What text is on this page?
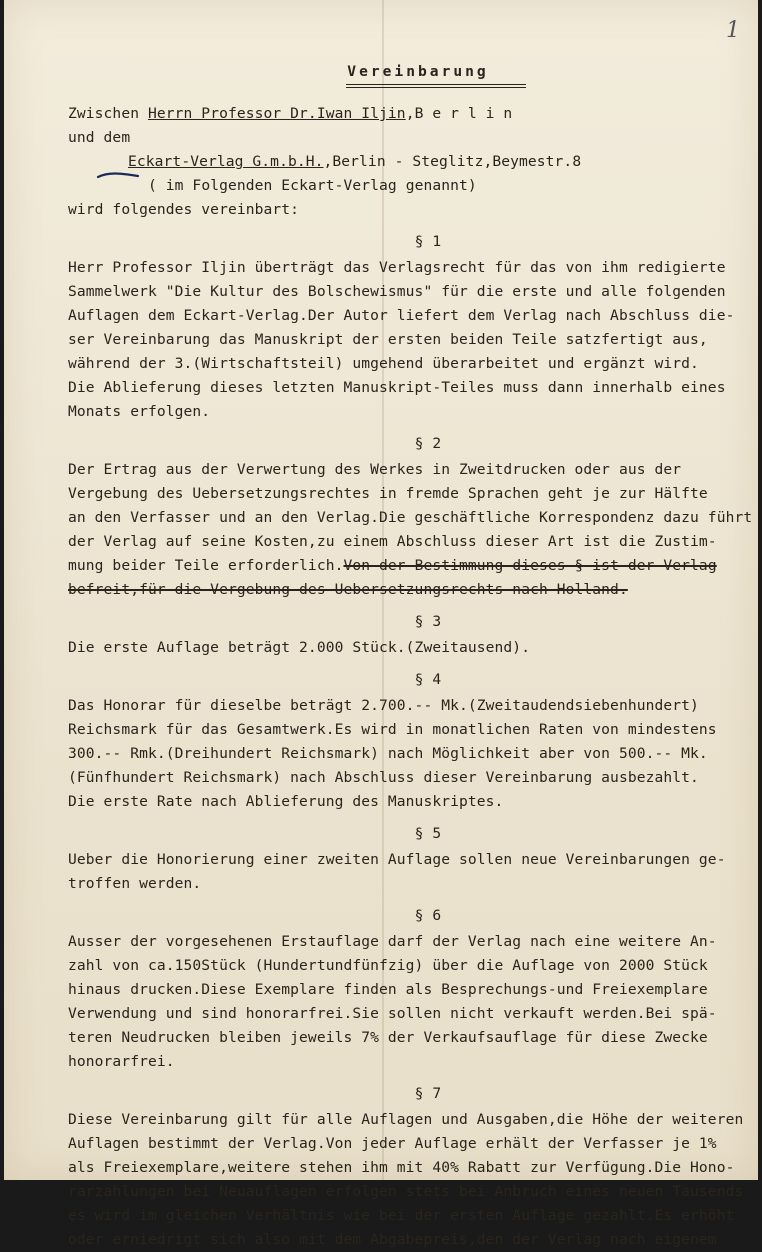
1
Vereinbarung
Zwischen Herrn Professor Dr.Iwan Iljin,B e r l i n
und dem
Eckart-Verlag G.m.b.H.,Berlin - Steglitz,Beymestr.8
( im Folgenden Eckart-Verlag genannt)
wird folgendes vereinbart:
§ 1
Herr Professor Iljin überträgt das Verlagsrecht für das von ihm redigierte
Sammelwerk "Die Kultur des Bolschewismus" für die erste und alle folgenden
Auflagen dem Eckart-Verlag.Der Autor liefert dem Verlag nach Abschluss die-
ser Vereinbarung das Manuskript der ersten beiden Teile satzfertigt aus,
während der 3.(Wirtschaftsteil) umgehend überarbeitet und ergänzt wird.
Die Ablieferung dieses letzten Manuskript-Teiles muss dann innerhalb eines
Monats erfolgen.
§ 2
Der Ertrag aus der Verwertung des Werkes in Zweitdrucken oder aus der
Vergebung des Uebersetzungsrechtes in fremde Sprachen geht je zur Hälfte
an den Verfasser und an den Verlag.Die geschäftliche Korrespondenz dazu führt
der Verlag auf seine Kosten,zu einem Abschluss dieser Art ist die Zustim-
mung beider Teile erforderlich.Von der Bestimmung dieses § ist der Verlag
befreit,für die Vergebung des Uebersetzungsrechts nach Holland.
§ 3
Die erste Auflage beträgt 2.000 Stück.(Zweitausend).
§ 4
Das Honorar für dieselbe beträgt 2.700.-- Mk.(Zweitaudendsiebenhundert)
Reichsmark für das Gesamtwerk.Es wird in monatlichen Raten von mindestens
300.-- Rmk.(Dreihundert Reichsmark) nach Möglichkeit aber von 500.-- Mk.
(Fünfhundert Reichsmark) nach Abschluss dieser Vereinbarung ausbezahlt.
Die erste Rate nach Ablieferung des Manuskriptes.
§ 5
Ueber die Honorierung einer zweiten Auflage sollen neue Vereinbarungen ge-
troffen werden.
§ 6
Ausser der vorgesehenen Erstauflage darf der Verlag nach eine weitere An-
zahl von ca.150Stück (Hundertundfünfzig) über die Auflage von 2000 Stück
hinaus drucken.Diese Exemplare finden als Besprechungs-und Freiexemplare
Verwendung und sind honorarfrei.Sie sollen nicht verkauft werden.Bei spä-
teren Neudrucken bleiben jeweils 7% der Verkaufsauflage für diese Zwecke
honorarfrei.
§ 7
Diese Vereinbarung gilt für alle Auflagen und Ausgaben,die Höhe der weiteren
Auflagen bestimmt der Verlag.Von jeder Auflage erhält der Verfasser je 1%
als Freiexemplare,weitere stehen ihm mit 40% Rabatt zur Verfügung.Die Hono-
rarzahlungen bei Neuauflagen erfolgen stets bei Anbruch eines neuen Tausends
es wird im gleichen Verhältnis wie bei der ersten Auflage gezahlt.Es erhöht
oder erniedrigt sich also mit dem Abgabepreis,den der Verlag nach eigenem
